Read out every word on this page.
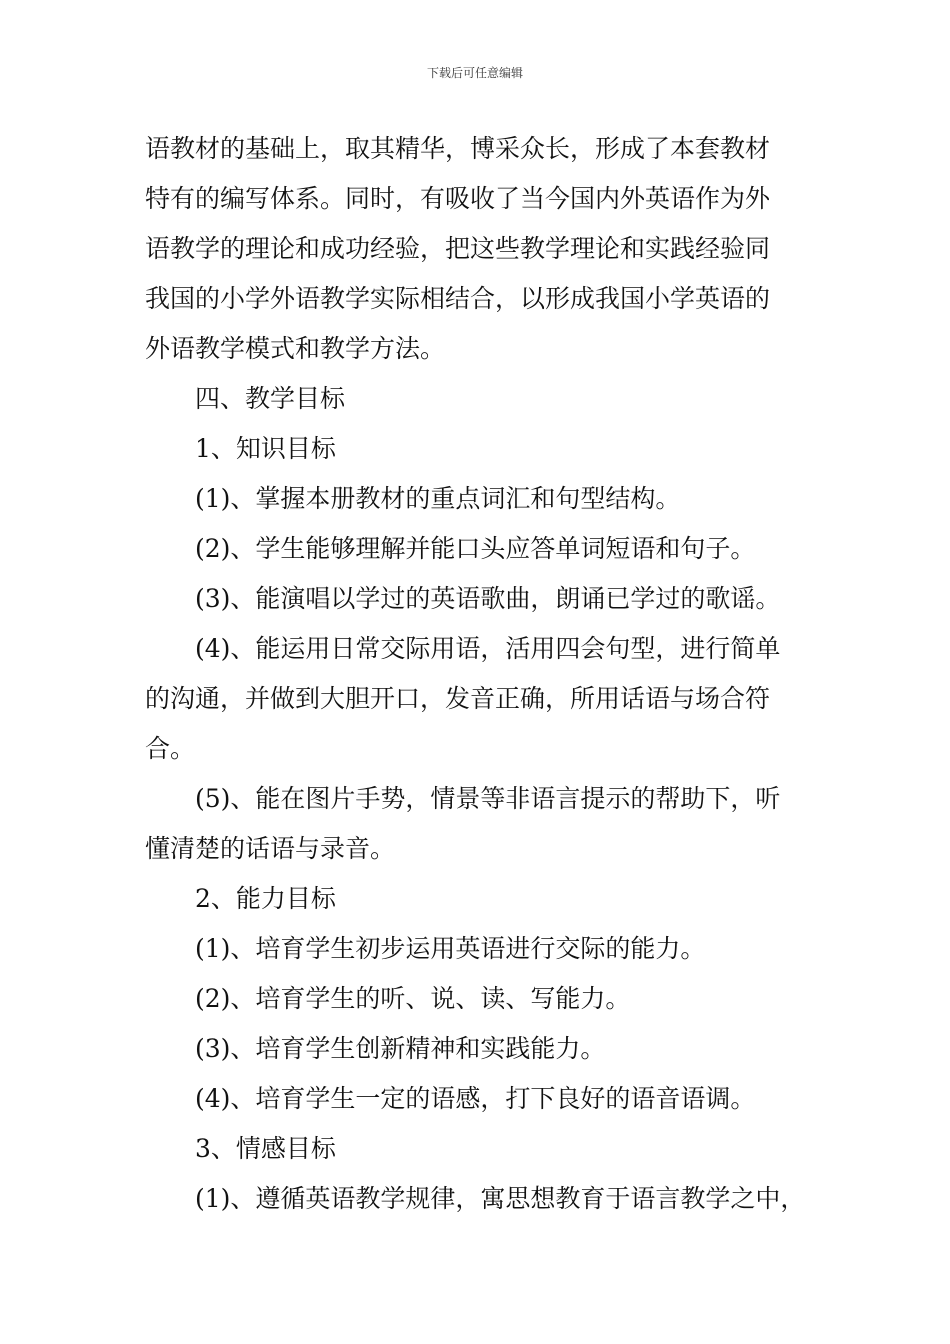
下载后可任意编辑
语教材的基础上，取其精华，博采众长，形成了本套教材
特有的编写体系。同时，有吸收了当今国内外英语作为外
语教学的理论和成功经验，把这些教学理论和实践经验同
我国的小学外语教学实际相结合，以形成我国小学英语的
外语教学模式和教学方法。
四、教学目标
1、知识目标
(1)、掌握本册教材的重点词汇和句型结构。
(2)、学生能够理解并能口头应答单词短语和句子。
(3)、能演唱以学过的英语歌曲，朗诵已学过的歌谣。
(4)、能运用日常交际用语，活用四会句型，进行简单
的沟通，并做到大胆开口，发音正确，所用话语与场合符
合。
(5)、能在图片手势，情景等非语言提示的帮助下，听
懂清楚的话语与录音。
2、能力目标
(1)、培育学生初步运用英语进行交际的能力。
(2)、培育学生的听、说、读、写能力。
(3)、培育学生创新精神和实践能力。
(4)、培育学生一定的语感，打下良好的语音语调。
3、情感目标
(1)、遵循英语教学规律，寓思想教育于语言教学之中，
